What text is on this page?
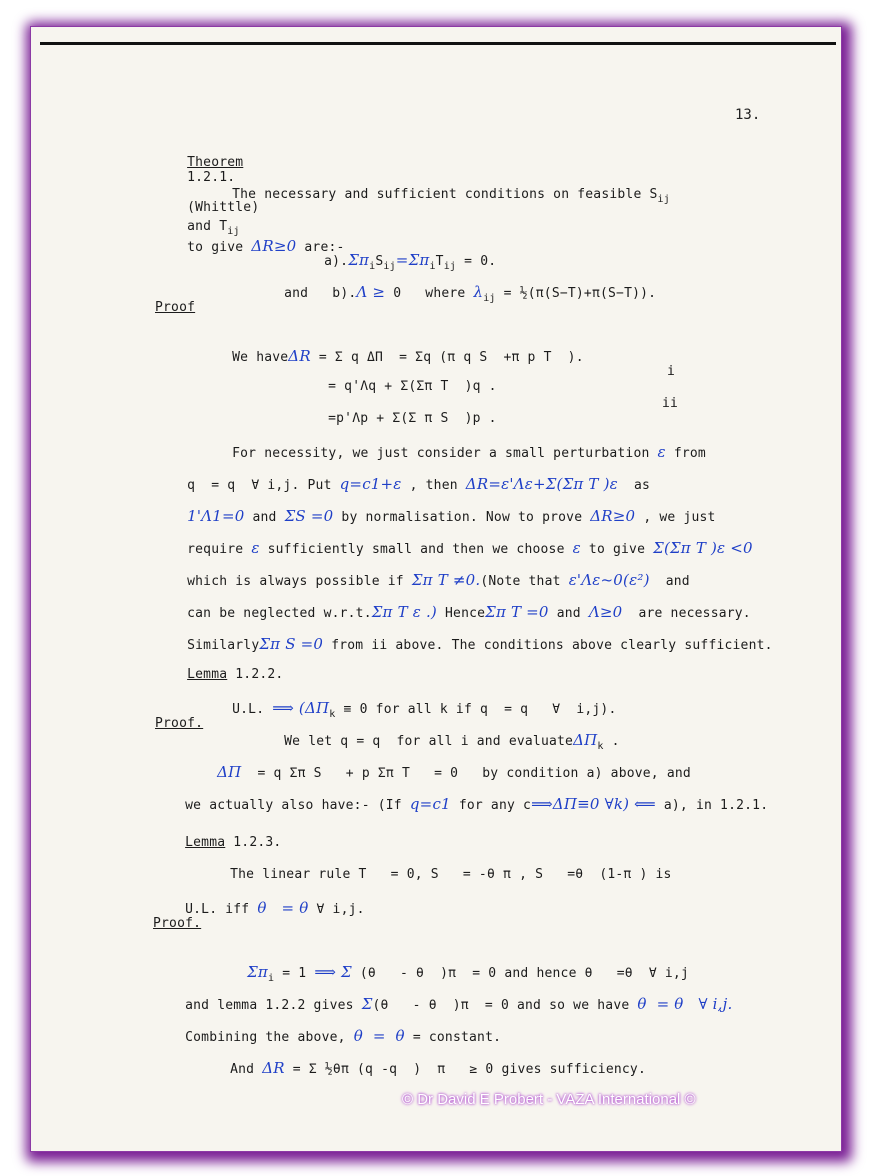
13.

Theorem
1.2.1.

(Whittle)

The necessary and sufficient conditions on feasible $S_{ij}$

and $T_{ij}$
to give ΔR≥0 are:-

$a).\Sigma\pi_iS_{ij}=\Sigma\pi_iT_{ij} = 0$.

and b).Λ ≥ 0   where $\lambda_{ij}$ = ½(π(S−T)+π(S−T)).

Proof

We haveΔR = Σ q ΔΠ  = Σq (π q S  +π p T  ).

= q'Λq + Σ(Σπ T  )q .

i

=p'Λp + Σ(Σ π S  )p .

ii

For necessity, we just consider a small perturbation ε from

q  = q  ∀ i,j. Put q=c1+ε , then ΔR=ε'Λε+Σ(Σπ T )ε as

1'Λ1=0 and ΣS =0 by normalisation. Now to prove ΔR≥0 , we just

require ε sufficiently small and then we choose ε to give Σ(Σπ T )ε <0

which is always possible if Σπ T ≠0.(Note that ε'Λε~0(ε²) and

can be neglected w.r.t.Σπ T ε .) HenceΣπ T =0 and Λ≥0 are necessary.

SimilarlyΣπ S =0 from ii above. The conditions above clearly sufficient.

Lemma 1.2.2.

U.L. ⟹ ($\Delta\Pi_k \equiv 0$ for all k if q  = q   ∀  i,j).

Proof.

We let q = q  for all i and evaluateΔΠ$_k$ .

ΔΠ  = q Σπ S   + p Σπ T   = 0   by condition a) above, and

we actually also have:- (If q=c1 for any c⟹ΔΠ≡0 ∀k) ⟸ a), in 1.2.1.

Lemma 1.2.3.

The linear rule T   = 0, S   = -θ π , S   =θ  (1-π ) is

U.L. iff θ   = θ ∀ i,j.

Proof.

$\Sigma\pi_i = 1$ ⟹ Σ (θ   - θ  )π  = 0 and hence θ   =θ  ∀ i,j

and lemma 1.2.2 gives Σ(θ   - θ  )π  = 0 and so we have θ  = θ   ∀ i,j.

Combining the above, θ  =  θ = constant.

And ΔR = Σ ½θπ (q -q  )  π   ≥ 0 gives sufficiency.

© Dr David E Probert - VAZA International ©
